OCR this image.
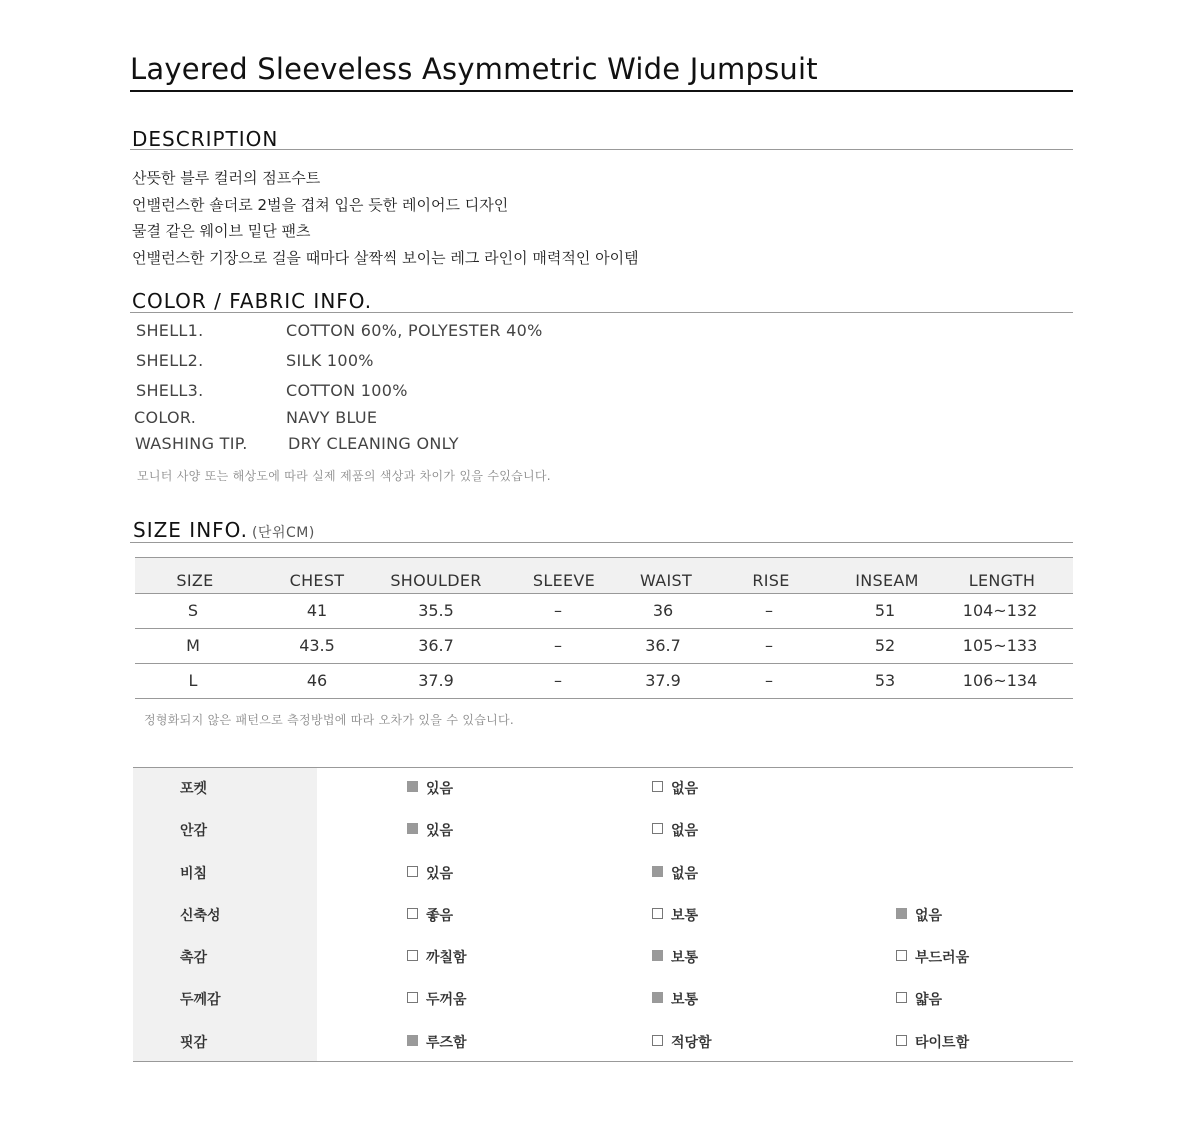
Layered Sleeveless Asymmetric Wide Jumpsuit
DESCRIPTION
산뜻한 블루 컬러의 점프수트
언밸런스한 숄더로 2벌을 겹쳐 입은 듯한 레이어드 디자인
물결 같은 웨이브 밑단 팬츠
언밸런스한 기장으로 걸을 때마다 살짝씩 보이는 레그 라인이 매력적인 아이템
COLOR / FABRIC INFO.
SHELL1.	COTTON 60%, POLYESTER 40%
SHELL2.	SILK 100%
SHELL3.	COTTON 100%
COLOR.	NAVY BLUE
WASHING TIP.	DRY CLEANING ONLY
모니터 사양 또는 해상도에 따라 실제 제품의 색상과 차이가 있을 수있습니다.
SIZE INFO. (단위CM)
SIZE	CHEST	SHOULDER	SLEEVE	WAIST	RISE	INSEAM	LENGTH
S	41	35.5	–	36	–	51	104~132
M	43.5	36.7	–	36.7	–	52	105~133
L	46	37.9	–	37.9	–	53	106~134
정형화되지 않은 패턴으로 측정방법에 따라 오차가 있을 수 있습니다.
포켓	있음	없음
안감	있음	없음
비침	있음	없음
신축성	좋음	보통	없음
촉감	까칠함	보통	부드러움
두께감	두꺼움	보통	얇음
핏감	루즈함	적당함	타이트함
